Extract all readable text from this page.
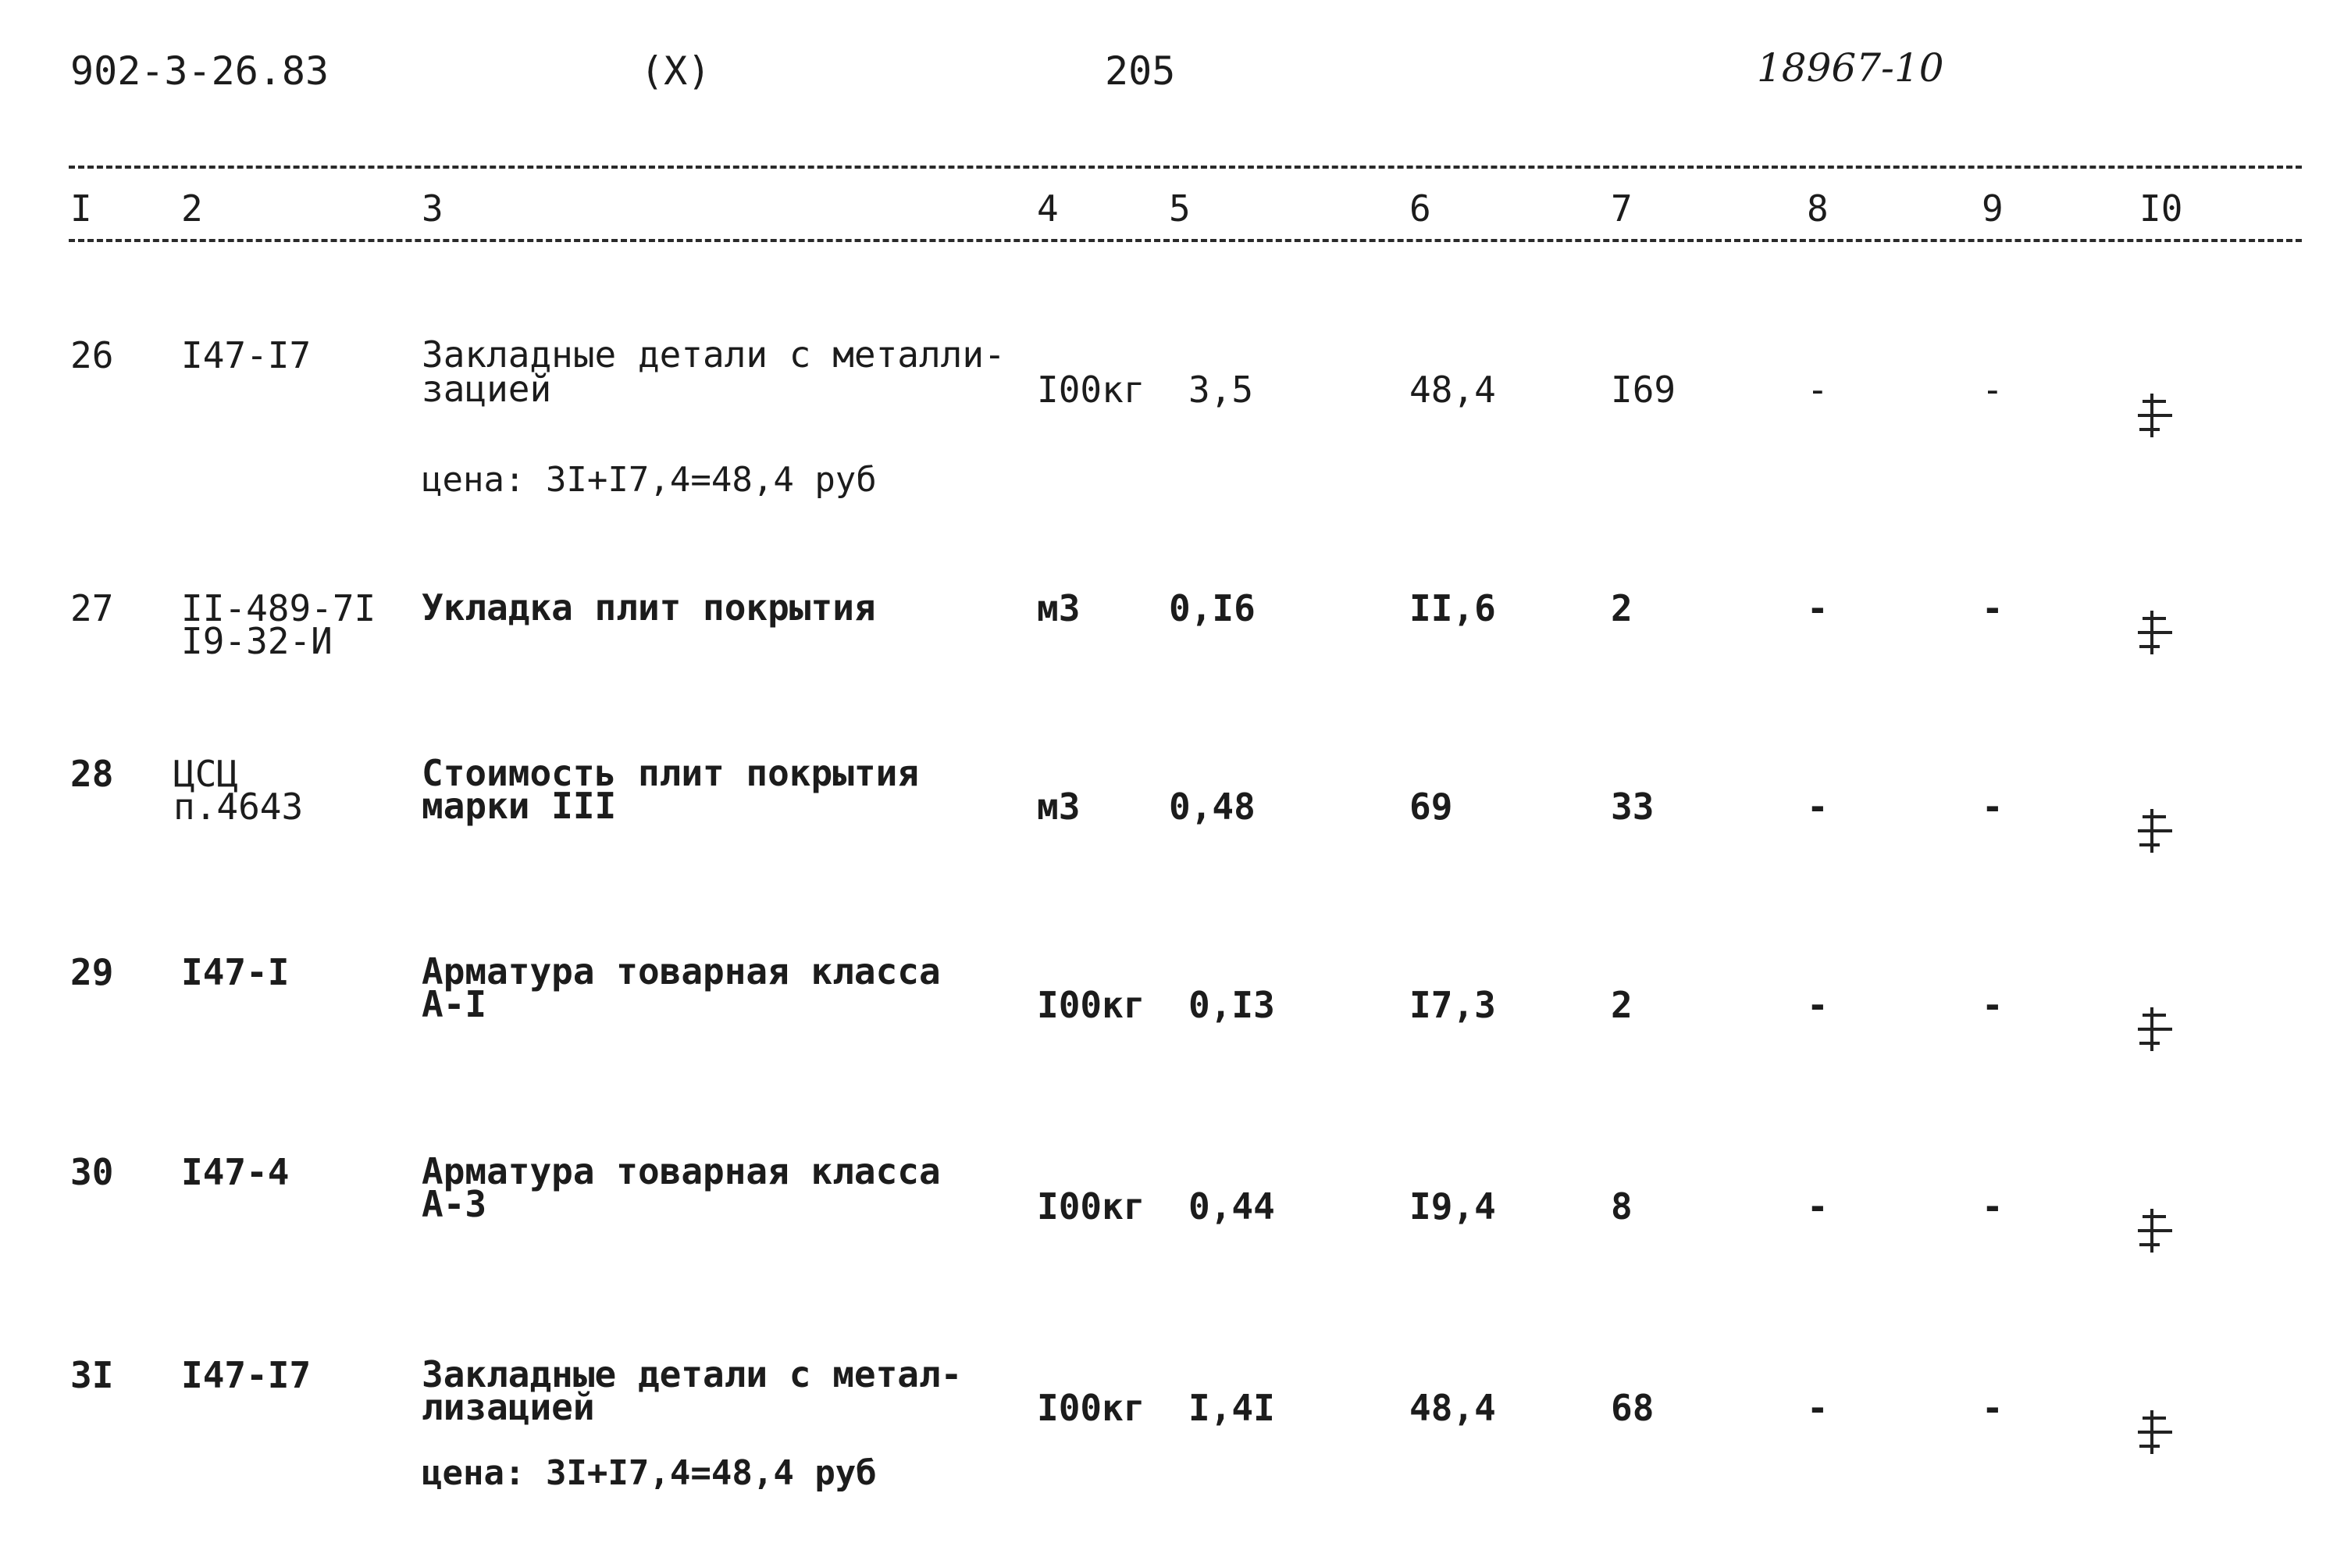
902-3-26.83	(X)	205	18967-10
I 2	3	4	5	6	7	8	9	I0
26 I47-I7	Закладные детали с металли-
зацией
цена: 3I+I7,4=48,4 руб
I00кг 3,5	48,4	I69	-	-
27 II-489-7I
I9-32-И
Укладка плит покрытия	м3 0,I6	II,6	2	-	-
28 ЦСЦ
п.4643
Стоимость плит покрытия
марки III	м3 0,48	69	33	-	-
29 I47-I	Арматура товарная класса
А-I	I00кг 0,I3	I7,3	2	-	-
30 I47-4	Арматура товарная класса
А-3	I00кг 0,44	I9,4	8	-	-
3I I47-I7	Закладные детали с метал-
лизацией
цена: 3I+I7,4=48,4 руб
I00кг I,4I	48,4	68	-	-
